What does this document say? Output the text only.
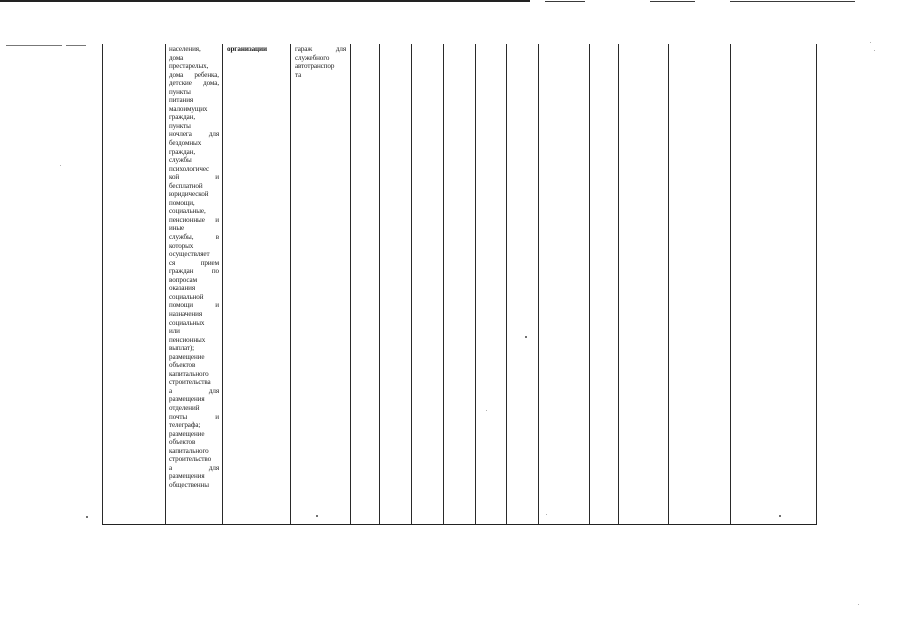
населения,
дома
престарелых,
дома ребенка,
детские дома,
пункты
питания
малоимущих
граждан,
пункты
ночлега для
бездомных
граждан,
службы
психологичес
кой и
бесплатной
юридической
помощи,
социальные,
пенсионные и
иные
службы, в
которых
осуществляет
ся прием
граждан по
вопросам
оказания
социальной
помощи и
назначения
социальных
или
пенсионных
выплат);
размещение
объектов
капитального
строительства
а для
размещения
отделений
почты и
телеграфа;
размещение
объектов
капитального
строительство
а для
размещения
общественны
организации	гараж для
служебного
автотранспор
та
